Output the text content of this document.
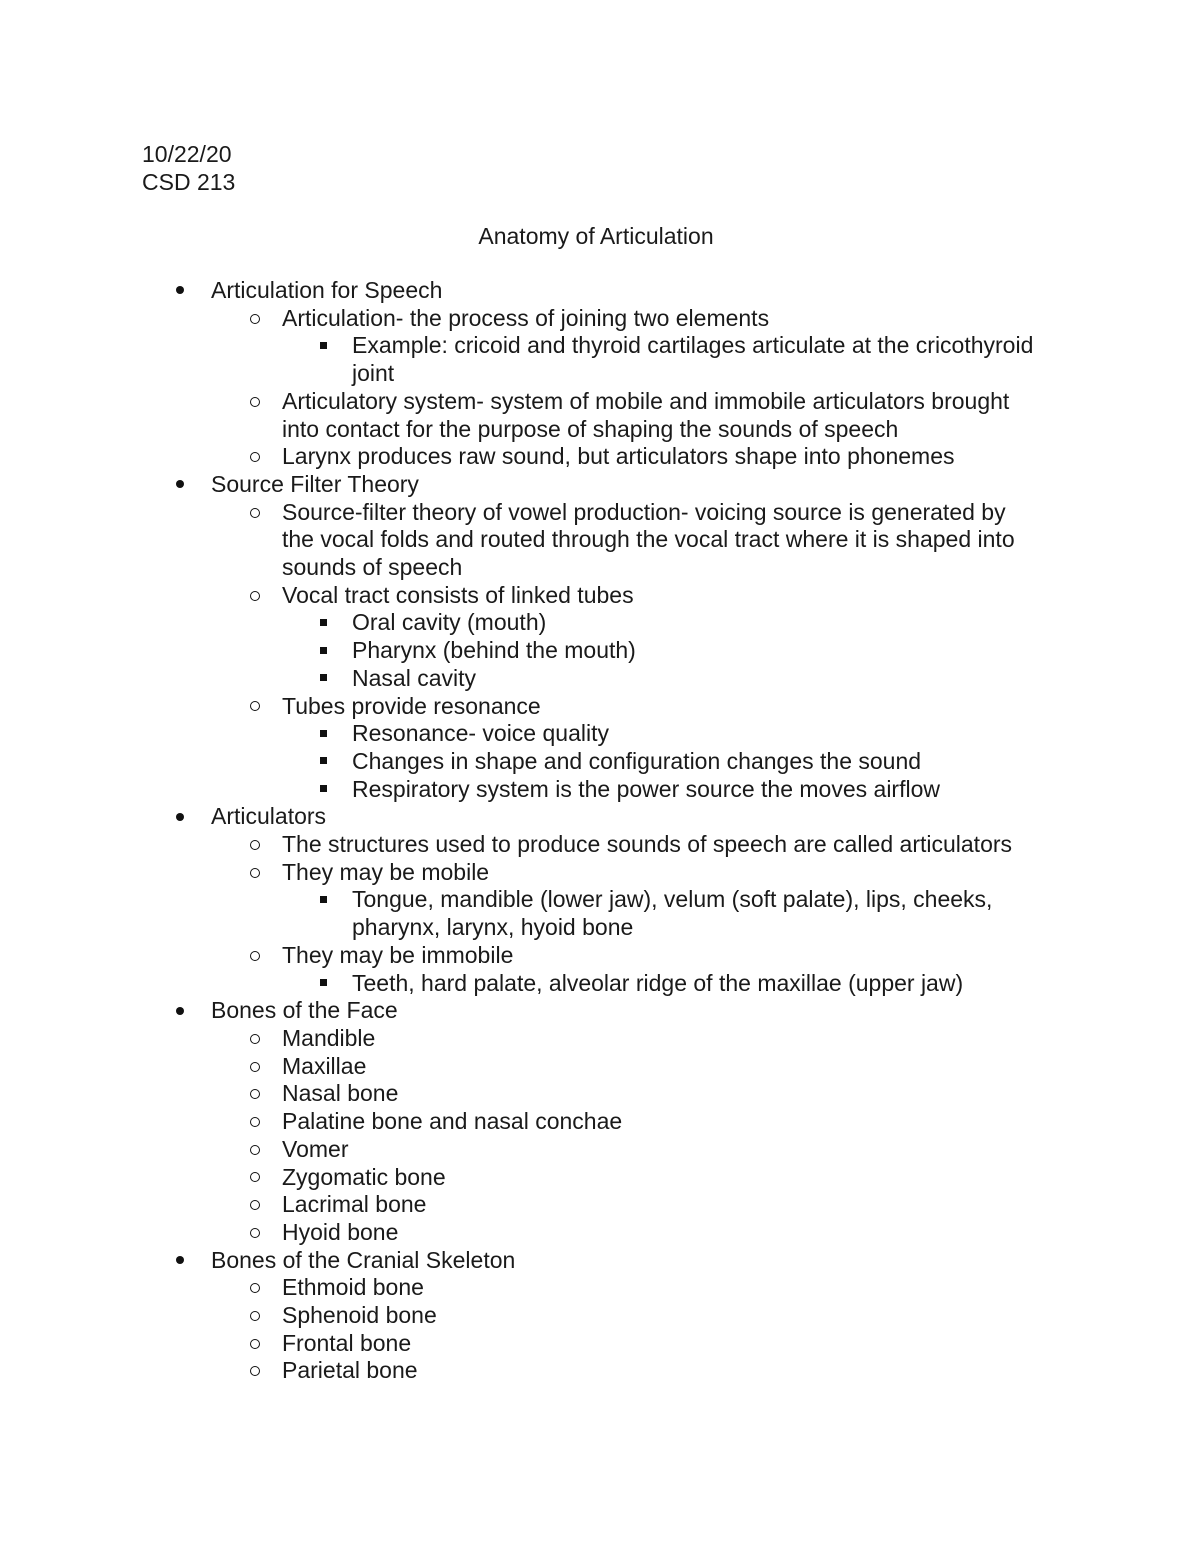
10/22/20
CSD 213
Anatomy of Articulation
Articulation for Speech
Articulation- the process of joining two elements
Example: cricoid and thyroid cartilages articulate at the cricothyroid
joint
Articulatory system- system of mobile and immobile articulators brought
into contact for the purpose of shaping the sounds of speech
Larynx produces raw sound, but articulators shape into phonemes
Source Filter Theory
Source-filter theory of vowel production- voicing source is generated by
the vocal folds and routed through the vocal tract where it is shaped into
sounds of speech
Vocal tract consists of linked tubes
Oral cavity (mouth)
Pharynx (behind the mouth)
Nasal cavity
Tubes provide resonance
Resonance- voice quality
Changes in shape and configuration changes the sound
Respiratory system is the power source the moves airflow
Articulators
The structures used to produce sounds of speech are called articulators
They may be mobile
Tongue, mandible (lower jaw), velum (soft palate), lips, cheeks,
pharynx, larynx, hyoid bone
They may be immobile
Teeth, hard palate, alveolar ridge of the maxillae (upper jaw)
Bones of the Face
Mandible
Maxillae
Nasal bone
Palatine bone and nasal conchae
Vomer
Zygomatic bone
Lacrimal bone
Hyoid bone
Bones of the Cranial Skeleton
Ethmoid bone
Sphenoid bone
Frontal bone
Parietal bone
